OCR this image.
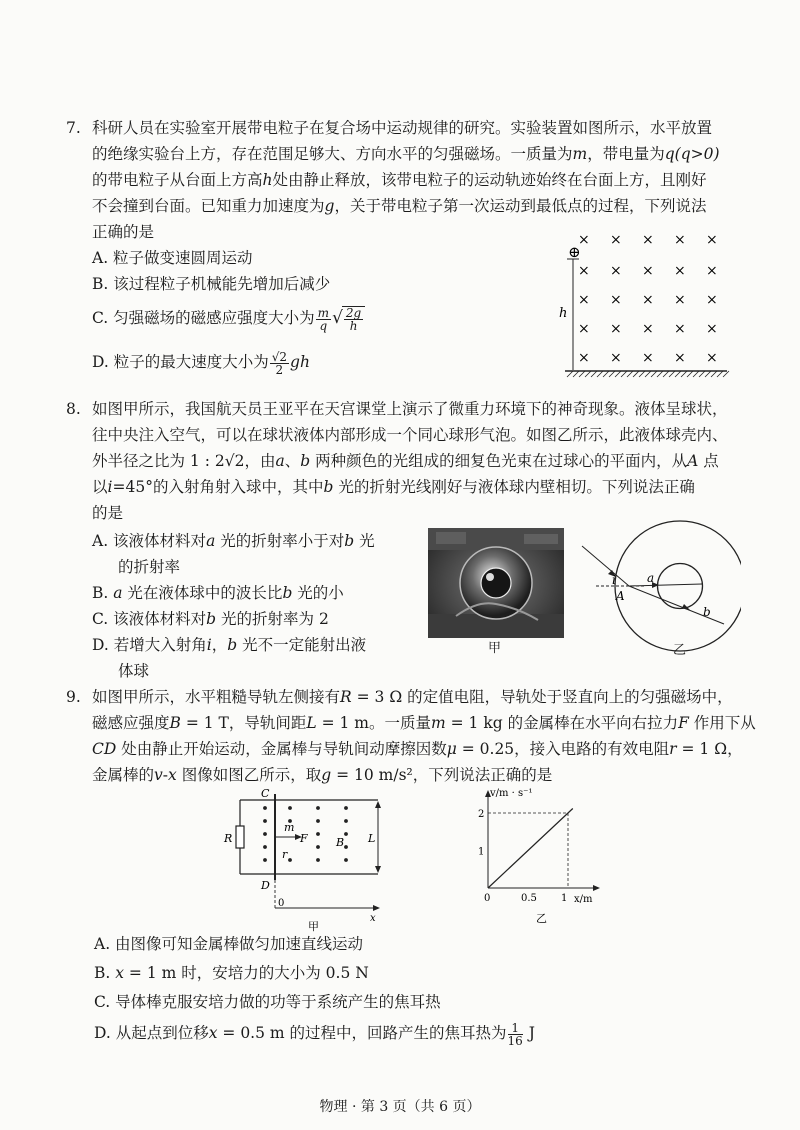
7. 科研人员在实验室开展带电粒子在复合场中运动规律的研究。实验装置如图所示，水平放置
的绝缘实验台上方，存在范围足够大、方向水平的匀强磁场。一质量为m，带电量为q(q>0)
的带电粒子从台面上方高h处由静止释放，该带电粒子的运动轨迹始终在台面上方，且刚好
不会撞到台面。已知重力加速度为g，关于带电粒子第一次运动到最低点的过程，下列说法
正确的是
A. 粒子做变速圆周运动
B. 该过程粒子机械能先增加后减少
C. 匀强磁场的磁感应强度大小为 $\frac{m}{q}$ √ $\frac{2g}{h}$
D. 粒子的最大速度大小为 $\frac{√2}{2}$ gh
× × × × ×
× × × × ×
× × × × ×
× × × × ×
× × × × ×
⊕
h
8. 如图甲所示，我国航天员王亚平在天宫课堂上演示了微重力环境下的神奇现象。液体呈球状，
往中央注入空气，可以在球状液体内部形成一个同心球形气泡。如图乙所示，此液体球壳内、
外半径之比为 1 : 2√2，由a、b 两种颜色的光组成的细复色光束在过球心的平面内，从A 点
以i=45°的入射角射入球中，其中b 光的折射光线刚好与液体球内壁相切。下列说法正确
的是
A. 该液体材料对a 光的折射率小于对b 光
的折射率
B. a 光在液体球中的波长比b 光的小
C. 该液体材料对b 光的折射率为 2
D. 若增大入射角i，b 光不一定能射出液
体球
甲
i
A
a
b
乙
9. 如图甲所示，水平粗糙导轨左侧接有R = 3 Ω 的定值电阻，导轨处于竖直向上的匀强磁场中，
磁感应强度B = 1 T，导轨间距L = 1 m。一质量m = 1 kg 的金属棒在水平向右拉力F 作用下从
CD 处由静止开始运动，金属棒与导轨间动摩擦因数μ = 0.25，接入电路的有效电阻r = 1 Ω，
金属棒的v-x 图像如图乙所示，取g = 10 m/s²，下列说法正确的是
C
D
R
m
F
r
B L
0
x
甲
0	0.5 1
1
2
v/m · s⁻¹
x/m
乙
A. 由图像可知金属棒做匀加速直线运动
B. x = 1 m 时，安培力的大小为 0.5 N
C. 导体棒克服安培力做的功等于系统产生的焦耳热
D. 从起点到位移x = 0.5 m 的过程中，回路产生的焦耳热为 $\frac{1}{16}$ J
物理 · 第 3 页（共 6 页）
